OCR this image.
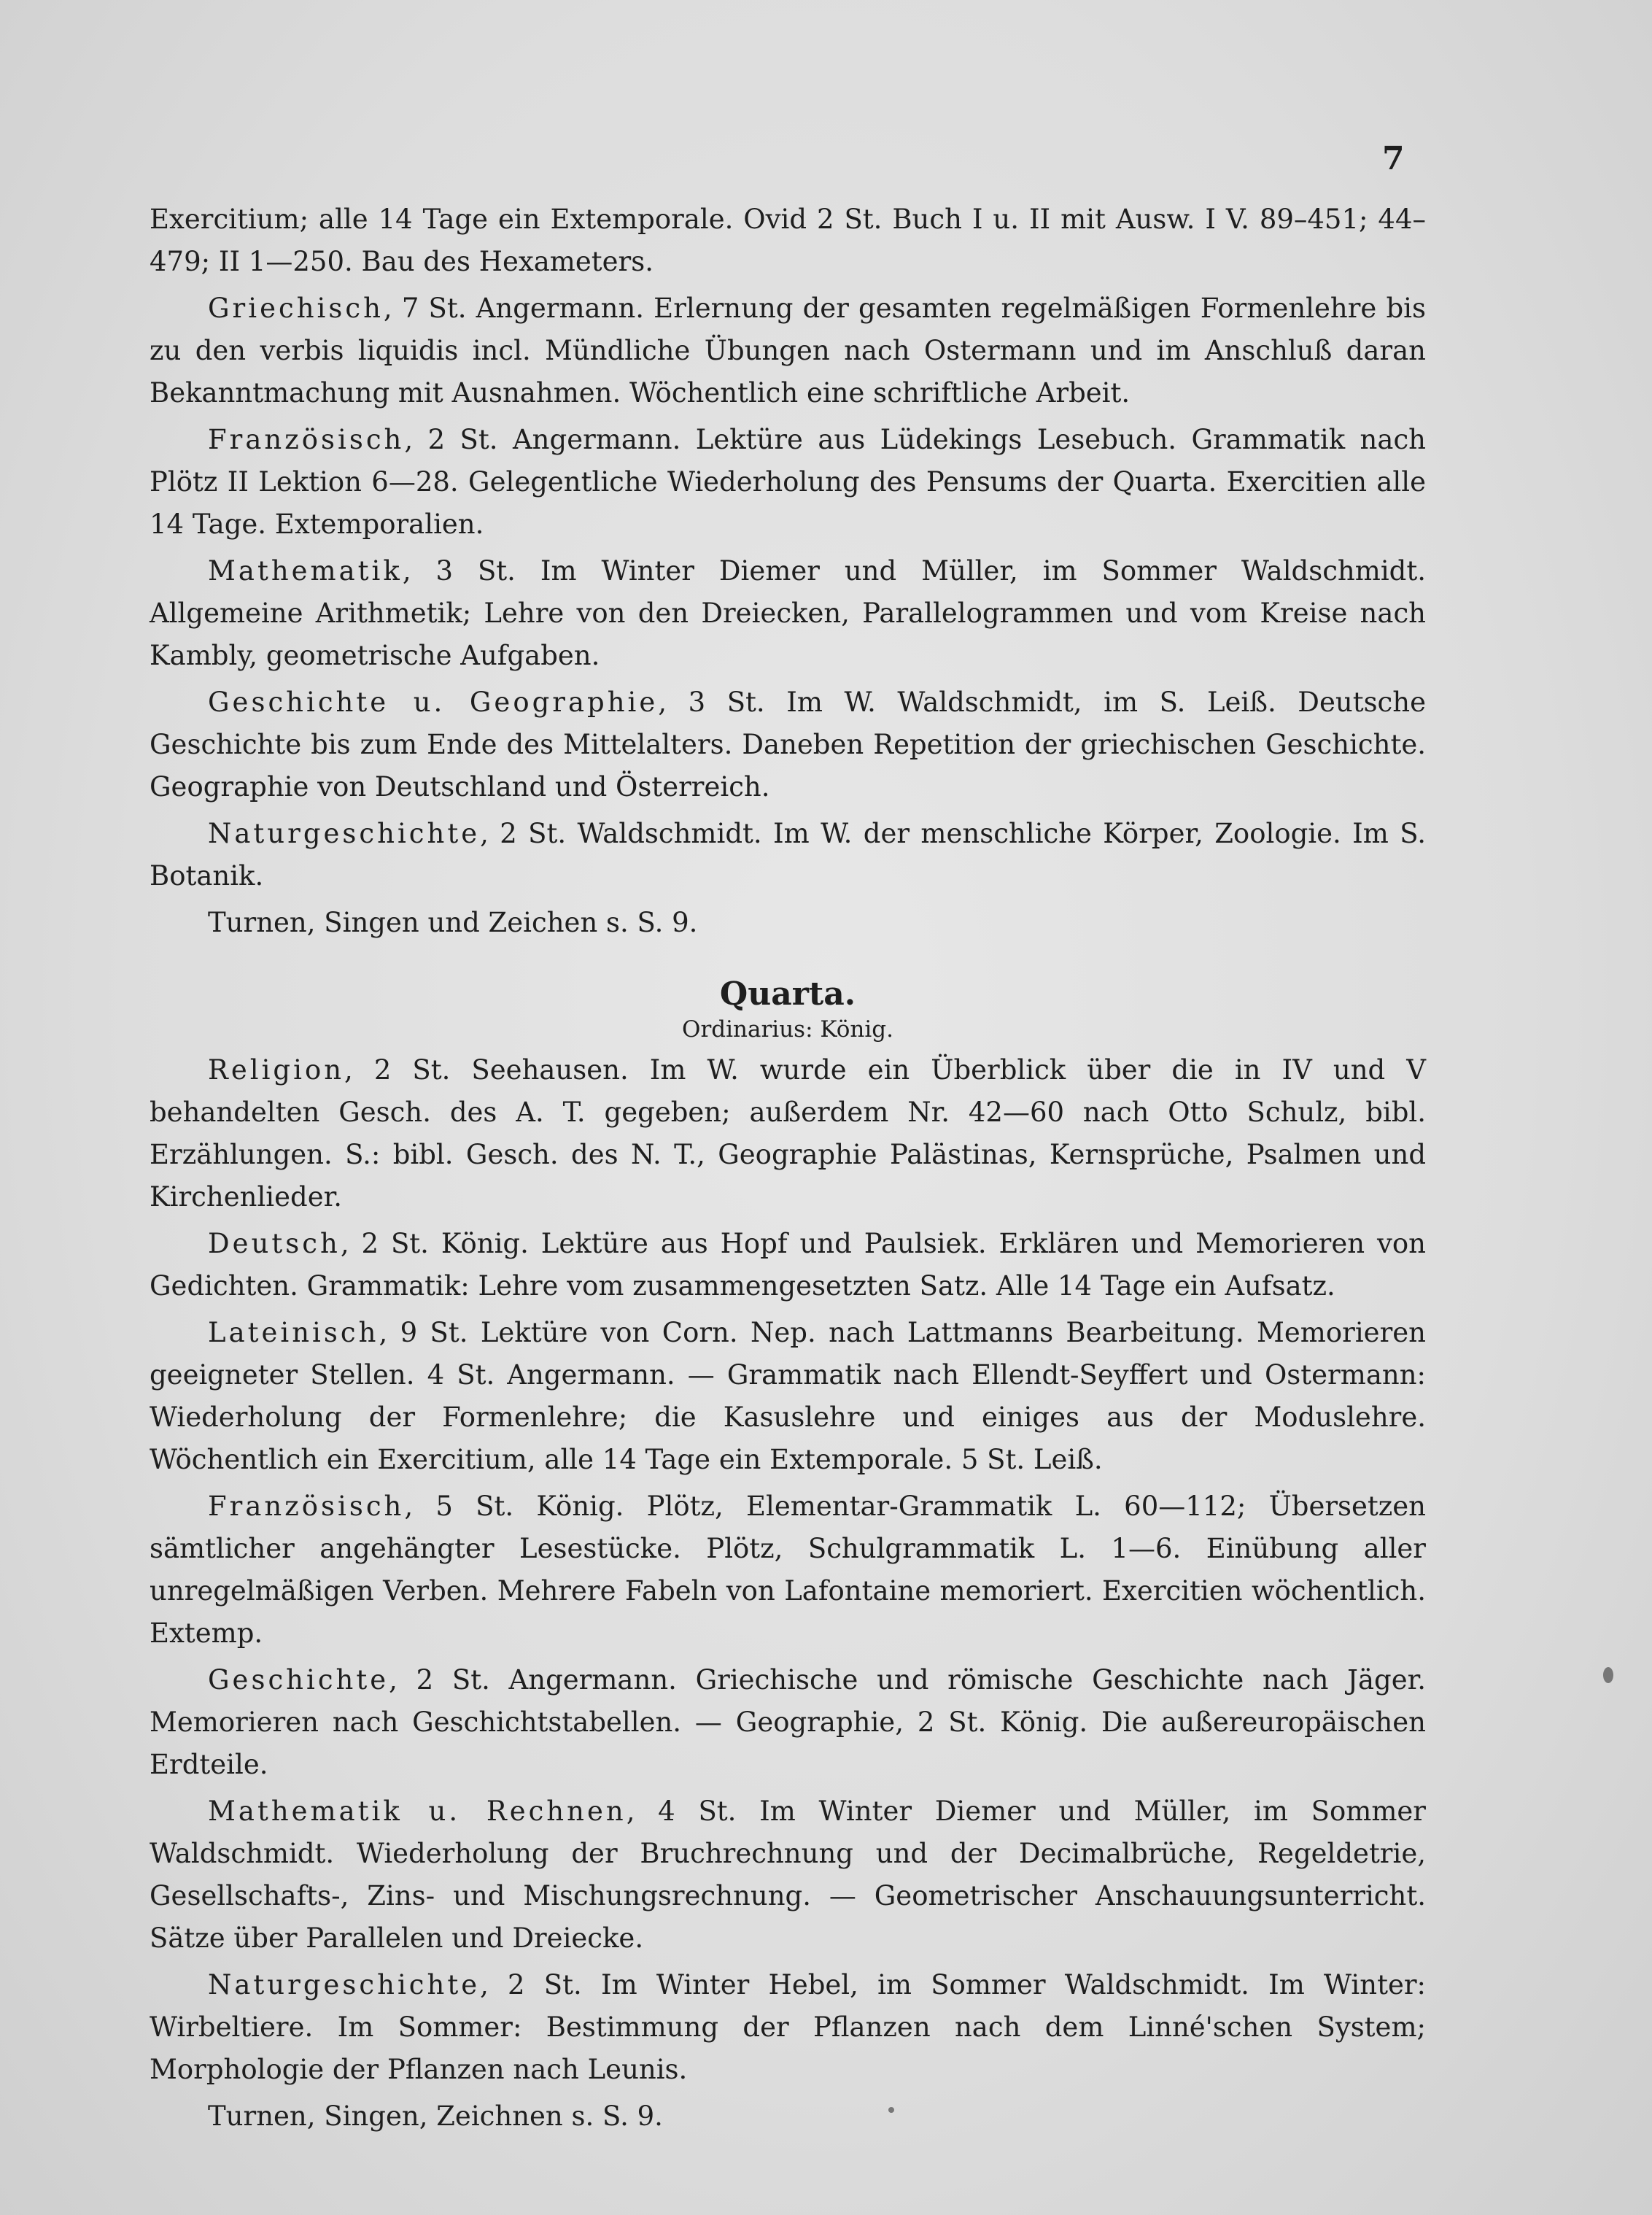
7

Exercitium; alle 14 Tage ein Extemporale. Ovid 2 St. Buch I u. II mit Ausw. I V. 89–451; 44–479; II 1—250. Bau des Hexameters.

Griechisch, 7 St. Angermann. Erlernung der gesamten regelmäßigen Formenlehre bis zu den verbis liquidis incl. Mündliche Übungen nach Ostermann und im Anschluß daran Bekanntmachung mit Ausnahmen. Wöchentlich eine schriftliche Arbeit.

Französisch, 2 St. Angermann. Lektüre aus Lüdekings Lesebuch. Grammatik nach Plötz II Lektion 6—28. Gelegentliche Wiederholung des Pensums der Quarta. Exercitien alle 14 Tage. Extemporalien.

Mathematik, 3 St. Im Winter Diemer und Müller, im Sommer Waldschmidt. Allgemeine Arithmetik; Lehre von den Dreiecken, Parallelogrammen und vom Kreise nach Kambly, geometrische Aufgaben.

Geschichte u. Geographie, 3 St. Im W. Waldschmidt, im S. Leiß. Deutsche Geschichte bis zum Ende des Mittelalters. Daneben Repetition der griechischen Geschichte. Geographie von Deutschland und Österreich.

Naturgeschichte, 2 St. Waldschmidt. Im W. der menschliche Körper, Zoologie. Im S. Botanik.

Turnen, Singen und Zeichen s. S. 9.

Quarta.
Ordinarius: König.

Religion, 2 St. Seehausen. Im W. wurde ein Überblick über die in IV und V behandelten Gesch. des A. T. gegeben; außerdem Nr. 42—60 nach Otto Schulz, bibl. Erzählungen. S.: bibl. Gesch. des N. T., Geographie Palästinas, Kernsprüche, Psalmen und Kirchenlieder.

Deutsch, 2 St. König. Lektüre aus Hopf und Paulsiek. Erklären und Memorieren von Gedichten. Grammatik: Lehre vom zusammengesetzten Satz. Alle 14 Tage ein Aufsatz.

Lateinisch, 9 St. Lektüre von Corn. Nep. nach Lattmanns Bearbeitung. Memorieren geeigneter Stellen. 4 St. Angermann. — Grammatik nach Ellendt-Seyffert und Ostermann: Wiederholung der Formenlehre; die Kasuslehre und einiges aus der Moduslehre. Wöchentlich ein Exercitium, alle 14 Tage ein Extemporale. 5 St. Leiß.

Französisch, 5 St. König. Plötz, Elementar-Grammatik L. 60—112; Übersetzen sämtlicher angehängter Lesestücke. Plötz, Schulgrammatik L. 1—6. Einübung aller unregelmäßigen Verben. Mehrere Fabeln von Lafontaine memoriert. Exercitien wöchentlich. Extemp.

Geschichte, 2 St. Angermann. Griechische und römische Geschichte nach Jäger. Memorieren nach Geschichtstabellen. — Geographie, 2 St. König. Die außereuropäischen Erdteile.

Mathematik u. Rechnen, 4 St. Im Winter Diemer und Müller, im Sommer Waldschmidt. Wiederholung der Bruchrechnung und der Decimalbrüche, Regeldetrie, Gesellschafts-, Zins- und Mischungsrechnung. — Geometrischer Anschauungsunterricht. Sätze über Parallelen und Dreiecke.

Naturgeschichte, 2 St. Im Winter Hebel, im Sommer Waldschmidt. Im Winter: Wirbeltiere. Im Sommer: Bestimmung der Pflanzen nach dem Linné'schen System; Morphologie der Pflanzen nach Leunis.

Turnen, Singen, Zeichnen s. S. 9.
